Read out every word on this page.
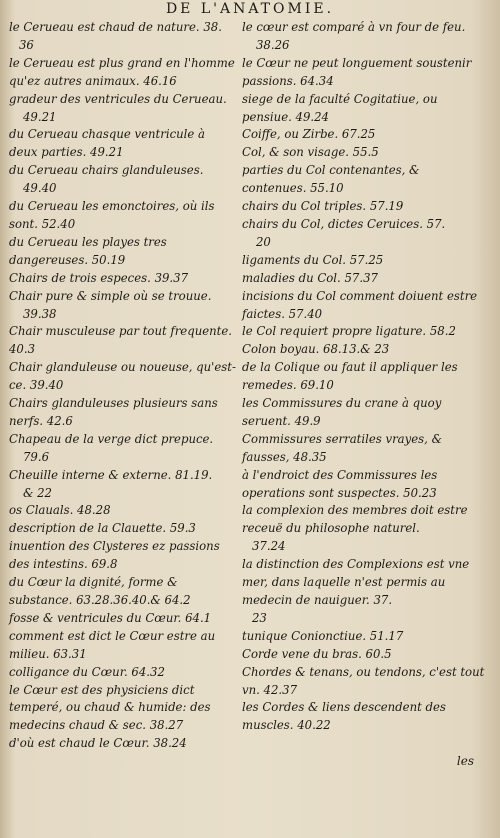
DE L'ANATOMIE.
le Cerueau est chaud de nature. 38.
36
le Cerueau est plus grand en l'homme qu'ez autres animaux. 46.16
gradeur des ventricules du Cerueau.
49.21
du Cerueau chasque ventricule à deux parties. 49.21
du Cerueau chairs glanduleuses.
49.40
du Cerueau les emonctoires, où ils sont. 52.40
du Cerueau les playes tres dangereuses. 50.19
Chairs de trois especes. 39.37
Chair pure & simple où se trouue.
39.38
Chair musculeuse par tout frequente. 40.3
Chair glanduleuse ou noueuse, qu'est-ce. 39.40
Chairs glanduleuses plusieurs sans nerfs. 42.6
Chapeau de la verge dict prepuce.
79.6
Cheuille interne & externe. 81.19.
& 22
os Clauals. 48.28
description de la Clauette. 59.3
inuention des Clysteres ez passions des intestins. 69.8
du Cœur la dignité, forme & substance. 63.28.36.40.& 64.2
fosse & ventricules du Cœur. 64.1
comment est dict le Cœur estre au milieu. 63.31
colligance du Cœur. 64.32
le Cœur est des physiciens dict temperé, ou chaud & humide: des medecins chaud & sec. 38.27
d'où est chaud le Cœur. 38.24
le cœur est comparé à vn four de feu.
38.26
le Cœur ne peut longuement soustenir passions. 64.34
siege de la faculté Cogitatiue, ou pensiue. 49.24
Coiffe, ou Zirbe. 67.25
Col, & son visage. 55.5
parties du Col contenantes, & contenues. 55.10
chairs du Col triples. 57.19
chairs du Col, dictes Ceruices. 57.
20
ligaments du Col. 57.25
maladies du Col. 57.37
incisions du Col comment doiuent estre faictes. 57.40
le Col requiert propre ligature. 58.2
Colon boyau. 68.13.& 23
de la Colique ou faut il appliquer les remedes. 69.10
les Commissures du crane à quoy seruent. 49.9
Commissures serratiles vrayes, & fausses, 48.35
à l'endroict des Commissures les operations sont suspectes. 50.23
la complexion des membres doit estre receuë du philosophe naturel.
37.24
la distinction des Complexions est vne mer, dans laquelle n'est permis au medecin de nauiguer. 37.
23
tunique Conionctiue. 51.17
Corde vene du bras. 60.5
Chordes & tenans, ou tendons, c'est tout vn. 42.37
les Cordes & liens descendent des muscles. 40.22
les
